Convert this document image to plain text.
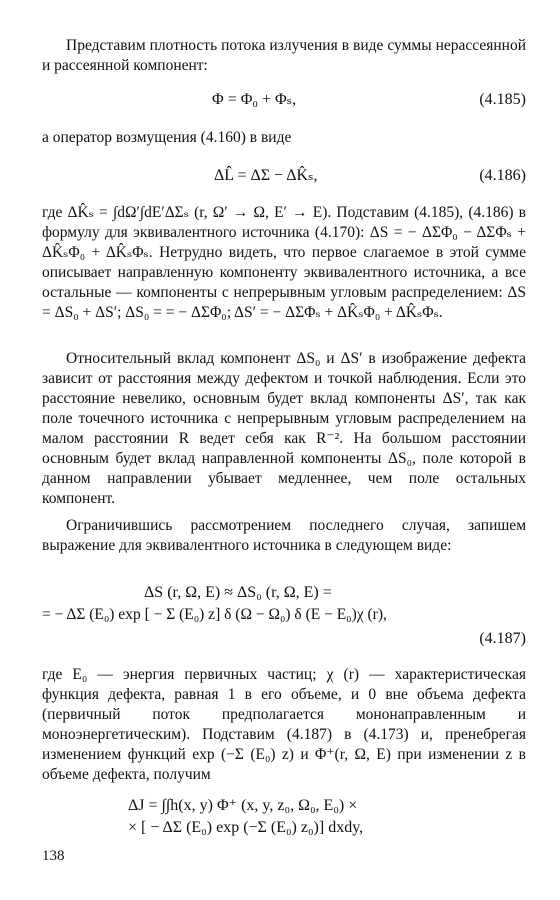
Представим плотность потока излучения в виде суммы нерассеянной и рассеянной компонент:
Φ = Φ₀ + Φₛ,	(4.185)
а оператор возмущения (4.160) в виде
ΔL̂ = ΔΣ − ΔK̂ₛ,	(4.186)
где ΔK̂ₛ = ∫dΩ′∫dE′ΔΣₛ (r, Ω′ → Ω, E′ → E). Подставим (4.185), (4.186) в формулу для эквивалентного источника (4.170): ΔS = − ΔΣΦ₀ − ΔΣΦₛ + ΔK̂ₛΦ₀ + ΔK̂ₛΦₛ. Нетрудно видеть, что первое слагаемое в этой сумме описывает направленную компоненту эквивалентного источника, а все остальные — компоненты с непрерывным угловым распределением: ΔS = ΔS₀ + ΔS′; ΔS₀ = = − ΔΣΦ₀; ΔS′ = − ΔΣΦₛ + ΔK̂ₛΦ₀ + ΔK̂ₛΦₛ.
Относительный вклад компонент ΔS₀ и ΔS′ в изображение дефекта зависит от расстояния между дефектом и точкой наблюдения. Если это расстояние невелико, основным будет вклад компоненты ΔS′, так как поле точечного источника с непрерывным угловым распределением на малом расстоянии R ведет себя как R⁻². На большом расстоянии основным будет вклад направленной компоненты ΔS₀, поле которой в данном направлении убывает медленнее, чем поле остальных компонент.
Ограничившись рассмотрением последнего случая, запишем выражение для эквивалентного источника в следующем виде:
ΔS (r, Ω, E) ≈ ΔS₀ (r, Ω, E) =
= − ΔΣ (E₀) exp [ − Σ (E₀) z] δ (Ω − Ω₀) δ (E − E₀)χ (r),
(4.187)
где E₀ — энергия первичных частиц; χ (r) — характеристическая функция дефекта, равная 1 в его объеме, и 0 вне объема дефекта (первичный поток предполагается мононаправленным и моноэнергетическим). Подставим (4.187) в (4.173) и, пренебрегая изменением функций exp (−Σ (E₀) z) и Φ⁺(r, Ω, E) при изменении z в объеме дефекта, получим
ΔJ = ∫∫h(x, y) Φ⁺ (x, y, z₀, Ω₀, E₀) ×
× [ − ΔΣ (E₀) exp (−Σ (E₀) z₀)] dxdy,
138
